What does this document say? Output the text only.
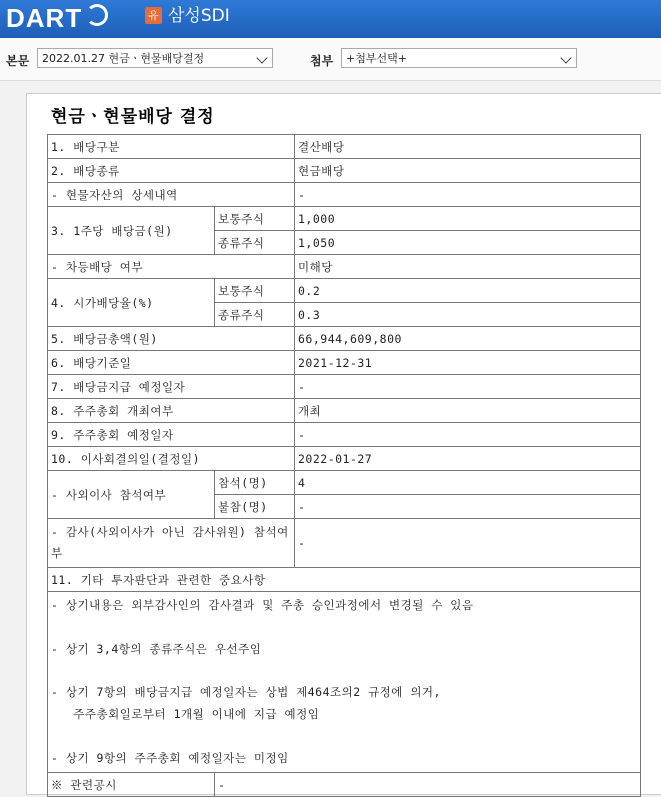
DART	유 삼성SDI
본문	2022.01.27 현금ㆍ현물배당결정	첨부	+첨부선택+
현금ㆍ현물배당 결정
1. 배당구분		결산배당
2. 배당종류		현금배당
- 현물자산의 상세내역		-
3. 1주당 배당금(원)	보통주식	1,000
	종류주식	1,050
- 차등배당 여부		미해당
4. 시가배당율(%)	보통주식	0.2
	종류주식	0.3
5. 배당금총액(원)		66,944,609,800
6. 배당기준일		2021-12-31
7. 배당금지급 예정일자		-
8. 주주총회 개최여부		개최
9. 주주총회 예정일자		-
10. 이사회결의일(결정일)		2022-01-27
- 사외이사 참석여부	참석(명)	4
	불참(명)	-
- 감사(사외이사가 아닌 감사위원) 참석여부		-
11. 기타 투자판단과 관련한 중요사항		
- 상기내용은 외부감사인의 감사결과 및 주총 승인과정에서 변경될 수 있음

- 상기 3,4항의 종류주식은 우선주임

- 상기 7항의 배당금지급 예정일자는 상법 제464조의2 규정에 의거,
주주총회일로부터 1개월 이내에 지급 예정임

- 상기 9항의 주주총회 예정일자는 미정임		
※ 관련공시	-	
